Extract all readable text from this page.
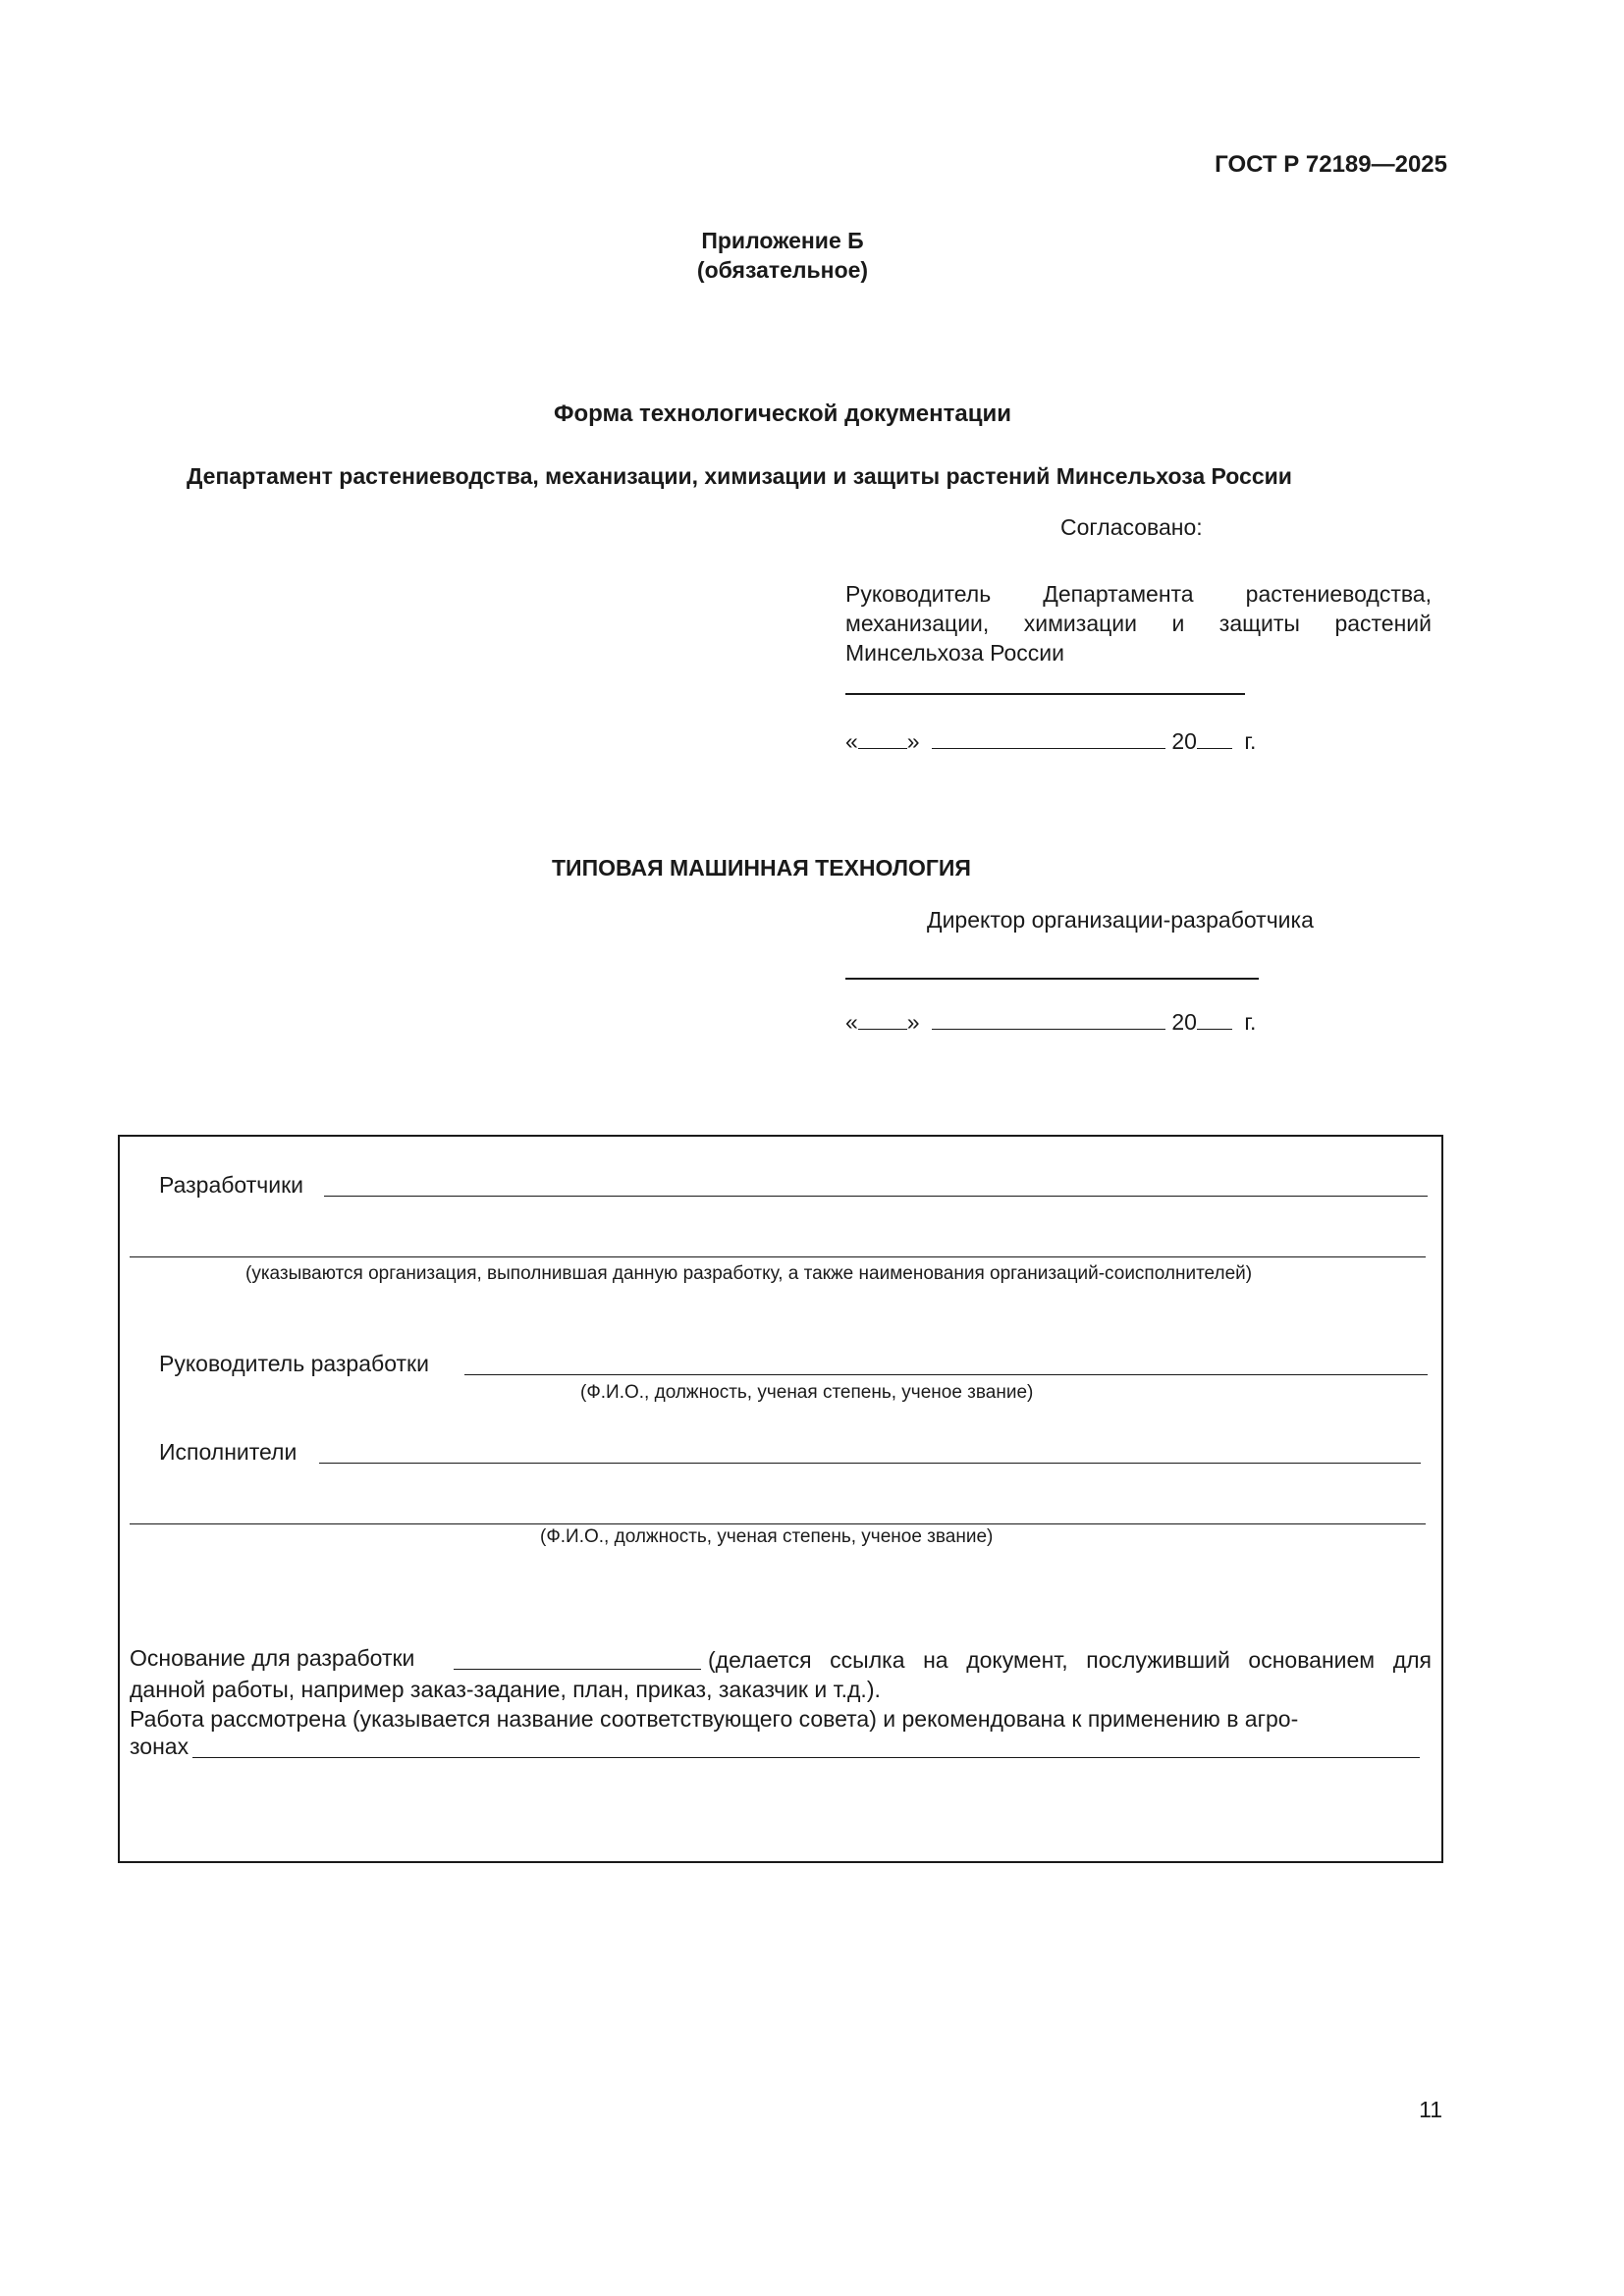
ГОСТ Р 72189—2025
Приложение Б
(обязательное)
Форма технологической документации
Департамент растениеводства, механизации, химизации и защиты растений Минсельхоза России
Согласовано:
Руководитель Департамента растениеводства, механизации, химизации и защиты растений Минсельхоза России
« »	20 г.
ТИПОВАЯ МАШИННАЯ ТЕХНОЛОГИЯ
Директор организации-разработчика
« »	20 г.
Разработчики
(указываются организация, выполнившая данную разработку, а также наименования организаций-соисполнителей)
Руководитель разработки
(Ф.И.О., должность, ученая степень, ученое звание)
Исполнители
(Ф.И.О., должность, ученая степень, ученое звание)
Основание для разработки	(делается ссылка на документ, послуживший основанием для данной работы, например заказ-задание, план, приказ, заказчик и т.д.).
Работа рассмотрена (указывается название соответствующего совета) и рекомендована к применению в агро-
зонах
11
